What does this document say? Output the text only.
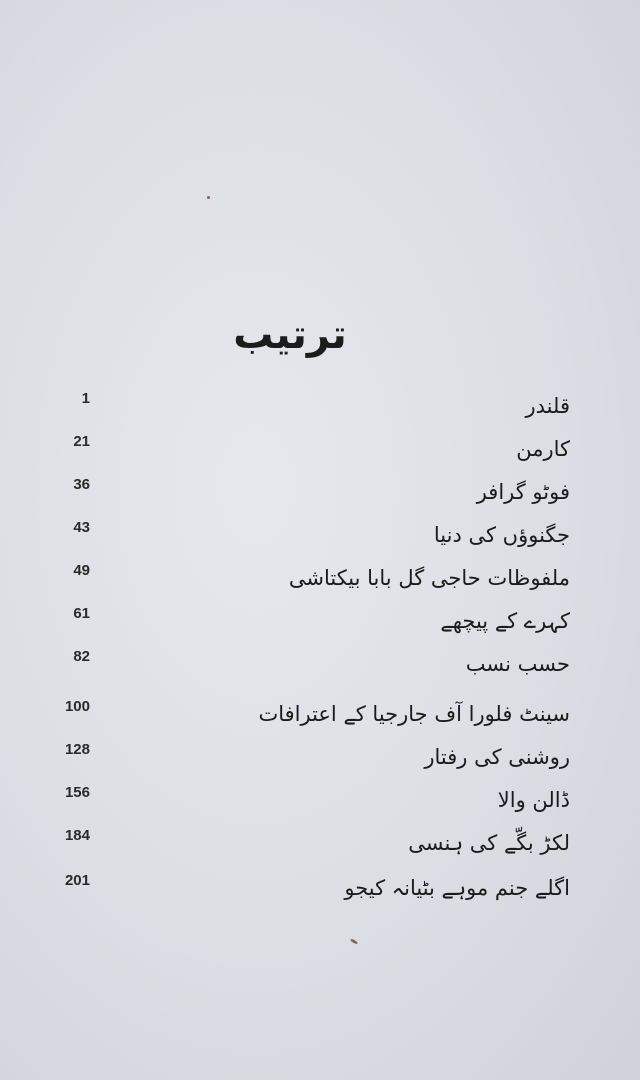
ترتیب
1	قلندر
21	کارمن
36	فوٹو گرافر
43	جگنوؤں کی دنیا
49	ملفوظات حاجی گل بابا بیکتاشی
61	کہرے کے پیچھے
82	حسب نسب
100	سینٹ فلورا آف جارجیا کے اعترافات
128	روشنی کی رفتار
156	ڈالن والا
184	لکڑ بگّے کی ہنسی
201	اگلے جنم موہے بٹیانہ کیجو
